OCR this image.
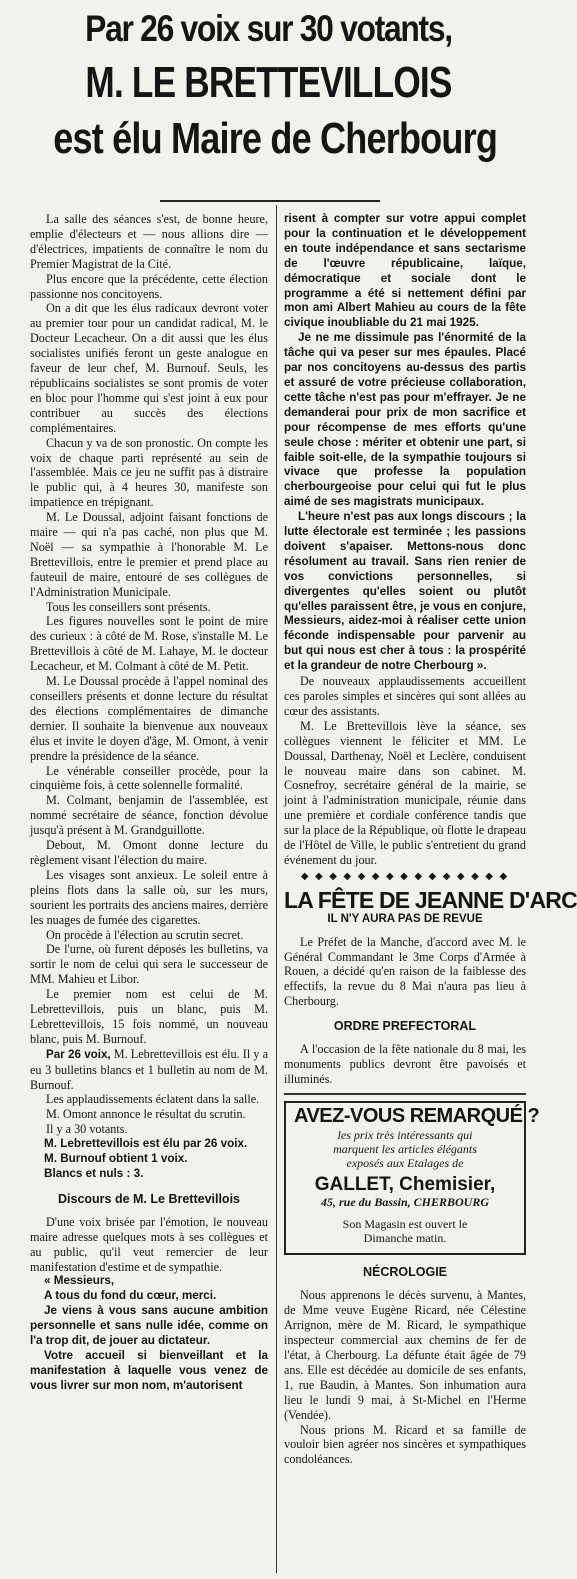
Par 26 voix sur 30 votants,
M. LE BRETTEVILLOIS
est élu Maire de Cherbourg

La salle des séances s'est, de bonne heure, emplie d'électeurs et — nous allions dire — d'électrices, impatients de connaître le nom du Premier Magistrat de la Cité.

Plus encore que la précédente, cette élection passionne nos concitoyens.

On a dit que les élus radicaux devront voter au premier tour pour un candidat radical, M. le Docteur Lecacheur. On a dit aussi que les élus socialistes unifiés feront un geste analogue en faveur de leur chef, M. Burnouf. Seuls, les républicains socialistes se sont promis de voter en bloc pour l'homme qui s'est joint à eux pour contribuer au succès des élections complémentaires.

Chacun y va de son pronostic. On compte les voix de chaque parti représenté au sein de l'assemblée. Mais ce jeu ne suffit pas à distraire le public qui, à 4 heures 30, manifeste son impatience en trépignant.

M. Le Doussal, adjoint faisant fonctions de maire — qui n'a pas caché, non plus que M. Noël — sa sympathie à l'honorable M. Le Brettevillois, entre le premier et prend place au fauteuil de maire, entouré de ses collègues de l'Administration Municipale.

Tous les conseillers sont présents.

Les figures nouvelles sont le point de mire des curieux : à côté de M. Rose, s'installe M. Le Brettevillois à côté de M. Lahaye, M. le docteur Lecacheur, et M. Colmant à côté de M. Petit.

M. Le Doussal procède à l'appel nominal des conseillers présents et donne lecture du résultat des élections complémentaires de dimanche dernier. Il souhaite la bienvenue aux nouveaux élus et invite le doyen d'âge, M. Omont, à venir prendre la présidence de la séance.

Le vénérable conseiller procède, pour la cinquième fois, à cette solennelle formalité.

M. Colmant, benjamin de l'assemblée, est nommé secrétaire de séance, fonction dévolue jusqu'à présent à M. Grandguillotte.

Debout, M. Omont donne lecture du règlement visant l'élection du maire.

Les visages sont anxieux. Le soleil entre à pleins flots dans la salle où, sur les murs, sourient les portraits des anciens maires, derrière les nuages de fumée des cigarettes.

On procède à l'élection au scrutin secret.

De l'urne, où furent déposés les bulletins, va sortir le nom de celui qui sera le successeur de MM. Mahieu et Libor.

Le premier nom est celui de M. Lebrettevillois, puis un blanc, puis M. Lebrettevillois, 15 fois nommé, un nouveau blanc, puis M. Burnouf.

Par 26 voix, M. Lebrettevillois est élu. Il y a eu 3 bulletins blancs et 1 bulletin au nom de M. Burnouf.

Les applaudissements éclatent dans la salle.

M. Omont annonce le résultat du scrutin.

Il y a 30 votants.

M. Lebrettevillois est élu par 26 voix.

M. Burnouf obtient 1 voix.

Blancs et nuls : 3.

Discours de M. Le Brettevillois

D'une voix brisée par l'émotion, le nouveau maire adresse quelques mots à ses collègues et au public, qu'il veut remercier de leur manifestation d'estime et de sympathie.

« Messieurs,

A tous du fond du cœur, merci.

Je viens à vous sans aucune ambition personnelle et sans nulle idée, comme on l'a trop dit, de jouer au dictateur.

Votre accueil si bienveillant et la manifestation à laquelle vous venez de vous livrer sur mon nom, m'autorisent

risent à compter sur votre appui complet pour la continuation et le développement en toute indépendance et sans sectarisme de l'œuvre républicaine, laïque, démocratique et sociale dont le programme a été si nettement défini par mon ami Albert Mahieu au cours de la fête civique inoubliable du 21 mai 1925.

Je ne me dissimule pas l'énormité de la tâche qui va peser sur mes épaules. Placé par nos concitoyens au-dessus des partis et assuré de votre précieuse collaboration, cette tâche n'est pas pour m'effrayer. Je ne demanderai pour prix de mon sacrifice et pour récompense de mes efforts qu'une seule chose : mériter et obtenir une part, si faible soit-elle, de la sympathie toujours si vivace que professe la population cherbourgeoise pour celui qui fut le plus aimé de ses magistrats municipaux.

L'heure n'est pas aux longs discours ; la lutte électorale est terminée ; les passions doivent s'apaiser. Mettons-nous donc résolument au travail. Sans rien renier de vos convictions personnelles, si divergentes qu'elles soient ou plutôt qu'elles paraissent être, je vous en conjure, Messieurs, aidez-moi à réaliser cette union féconde indispensable pour parvenir au but qui nous est cher à tous : la prospérité et la grandeur de notre Cherbourg ».

De nouveaux applaudissements accueillent ces paroles simples et sincères qui sont allées au cœur des assistants.

M. Le Brettevillois lève la séance, ses collègues viennent le féliciter et MM. Le Doussal, Darthenay, Noël et Leclère, conduisent le nouveau maire dans son cabinet. M. Cosnefroy, secrétaire général de la mairie, se joint à l'administration municipale, réunie dans une première et cordiale conférence tandis que sur la place de la République, où flotte le drapeau de l'Hôtel de Ville, le public s'entretient du grand événement du jour.

◆ ◆ ◆ ◆ ◆ ◆ ◆ ◆ ◆ ◆ ◆ ◆ ◆ ◆ ◆
LA FÊTE DE JEANNE D'ARC
IL N'Y AURA PAS DE REVUE

Le Préfet de la Manche, d'accord avec M. le Général Commandant le 3me Corps d'Armée à Rouen, a décidé qu'en raison de la faiblesse des effectifs, la revue du 8 Mai n'aura pas lieu à Cherbourg.

ORDRE PREFECTORAL

A l'occasion de la fête nationale du 8 mai, les monuments publics devront être pavoisés et illuminés.

AVEZ-VOUS REMARQUÉ ?
les prix très intéressants qui marquent les articles élégants exposés aux Etalages de
GALLET, Chemisier,
45, rue du Bassin, CHERBOURG
Son Magasin est ouvert le Dimanche matin.
NÉCROLOGIE

Nous apprenons le décès survenu, à Mantes, de Mme veuve Eugène Ricard, née Célestine Arrignon, mère de M. Ricard, le sympathique inspecteur commercial aux chemins de fer de l'état, à Cherbourg. La défunte était âgée de 79 ans. Elle est décédée au domicile de ses enfants, 1, rue Baudin, à Mantes. Son inhumation aura lieu le lundi 9 mai, à St-Michel en l'Herme (Vendée).

Nous prions M. Ricard et sa famille de vouloir bien agréer nos sincères et sympathiques condoléances.
